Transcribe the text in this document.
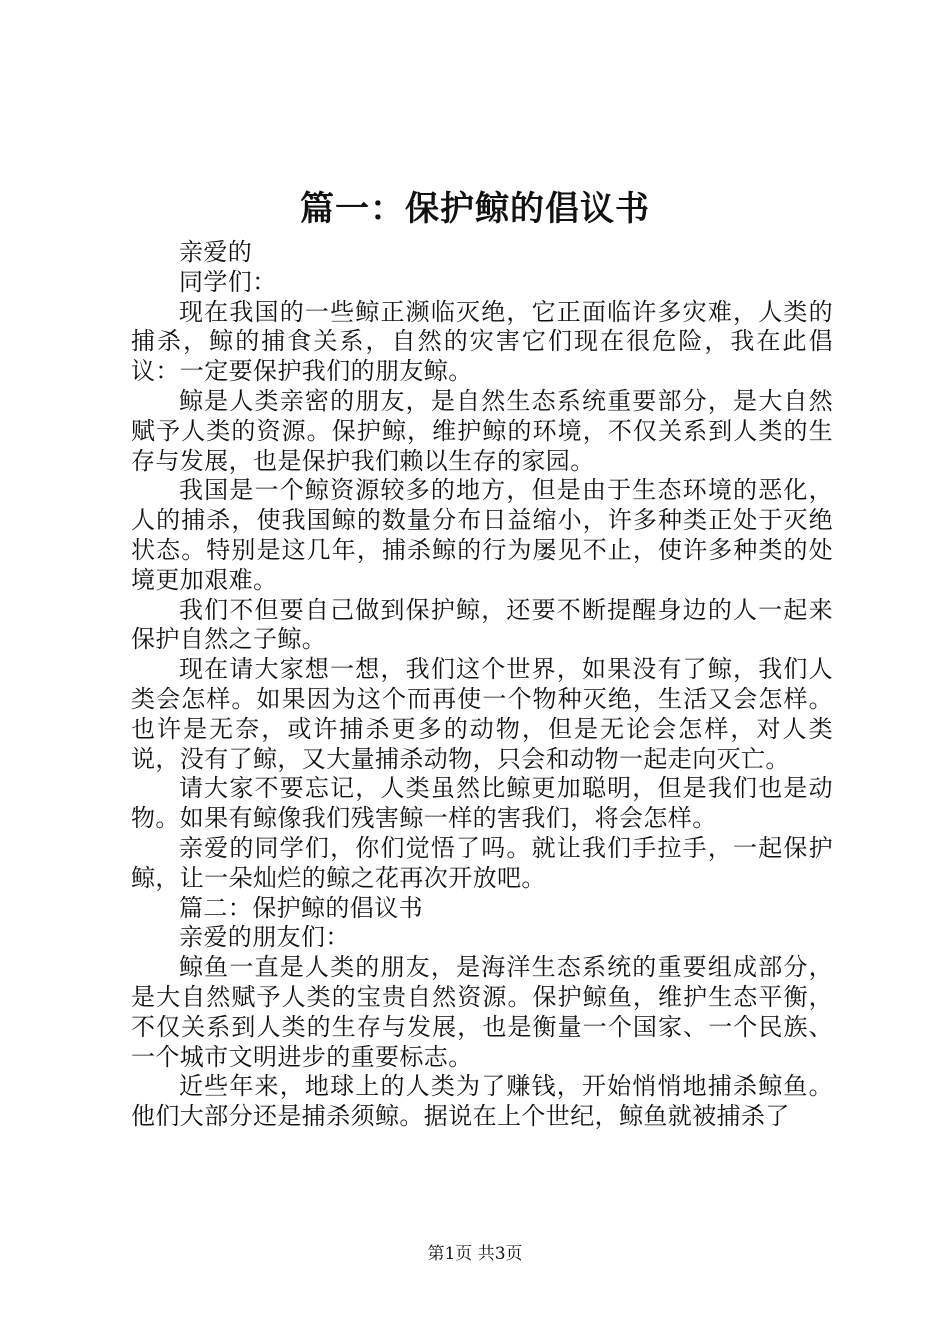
篇一：保护鲸的倡议书

亲爱的

同学们：

现在我国的一些鲸正濒临灭绝，它正面临许多灾难，人类的捕杀，鲸的捕食关系，自然的灾害它们现在很危险，我在此倡议：一定要保护我们的朋友鲸。

鲸是人类亲密的朋友，是自然生态系统重要部分，是大自然赋予人类的资源。保护鲸，维护鲸的环境，不仅关系到人类的生存与发展，也是保护我们赖以生存的家园。

我国是一个鲸资源较多的地方，但是由于生态环境的恶化，人的捕杀，使我国鲸的数量分布日益缩小，许多种类正处于灭绝状态。特别是这几年，捕杀鲸的行为屡见不止，使许多种类的处境更加艰难。

我们不但要自己做到保护鲸，还要不断提醒身边的人一起来保护自然之子鲸。

现在请大家想一想，我们这个世界，如果没有了鲸，我们人类会怎样。如果因为这个而再使一个物种灭绝，生活又会怎样。也许是无奈，或许捕杀更多的动物，但是无论会怎样，对人类说，没有了鲸，又大量捕杀动物，只会和动物一起走向灭亡。

请大家不要忘记，人类虽然比鲸更加聪明，但是我们也是动物。如果有鲸像我们残害鲸一样的害我们，将会怎样。

亲爱的同学们，你们觉悟了吗。就让我们手拉手，一起保护鲸，让一朵灿烂的鲸之花再次开放吧。

篇二：保护鲸的倡议书

亲爱的朋友们：

鲸鱼一直是人类的朋友，是海洋生态系统的重要组成部分，是大自然赋予人类的宝贵自然资源。保护鲸鱼，维护生态平衡，不仅关系到人类的生存与发展，也是衡量一个国家、一个民族、一个城市文明进步的重要标志。

近些年来，地球上的人类为了赚钱，开始悄悄地捕杀鲸鱼。他们大部分还是捕杀须鲸。据说在上个世纪，鲸鱼就被捕杀了

第1页 共3页
